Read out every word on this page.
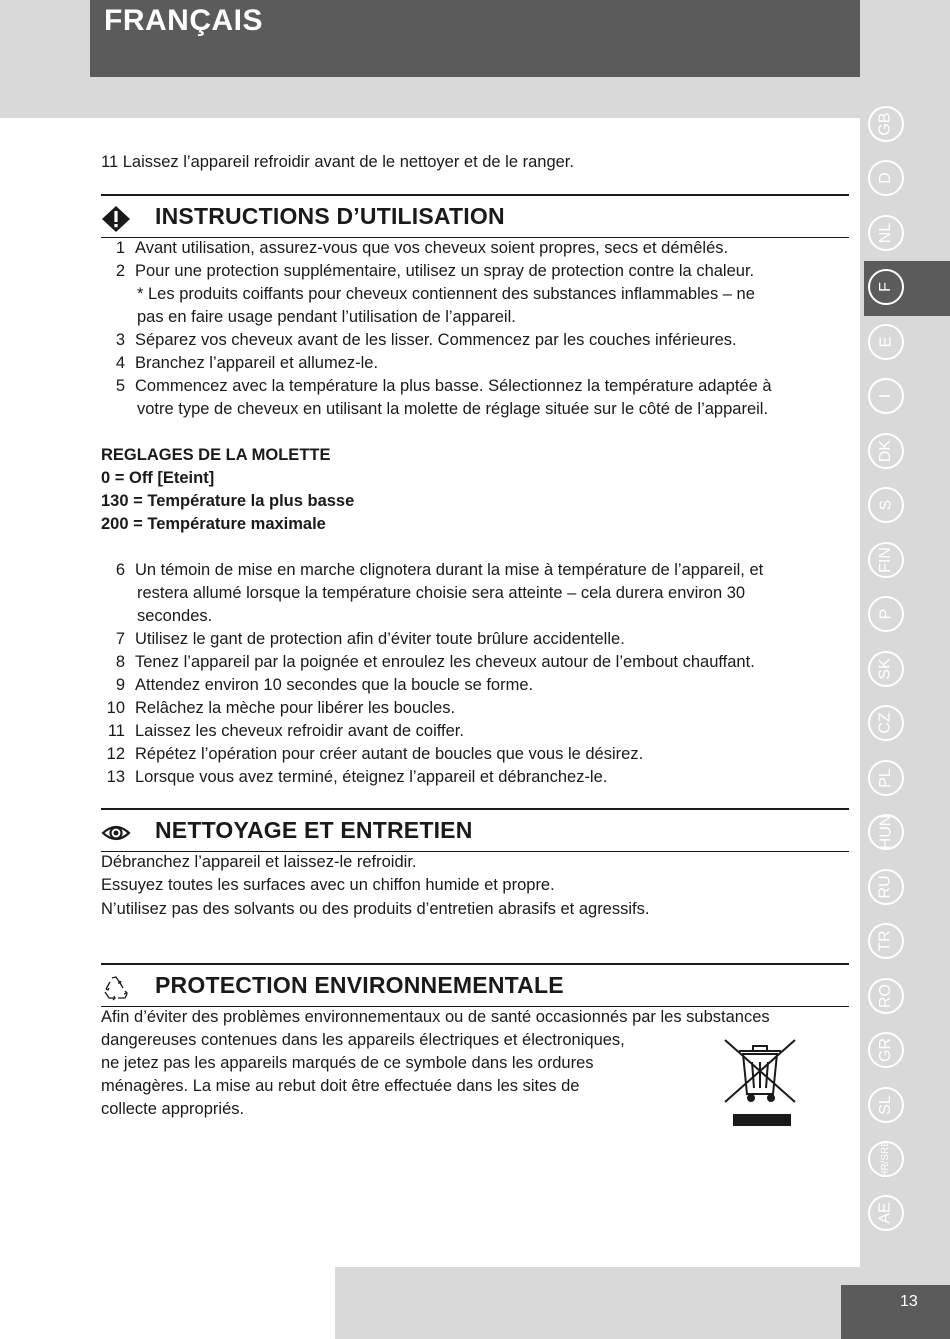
FRANÇAIS
GB
D
NL
F
E
I
DK
S
FIN
P
SK
CZ
PL
HUN
RU
TR
RO
GR
SL
HR/SRB
AE
13
11 Laissez l’appareil refroidir avant de le nettoyer et de le ranger.
INSTRUCTIONS D’UTILISATION
1 Avant utilisation, assurez-vous que vos cheveux soient propres, secs et démêlés.
2 Pour une protection supplémentaire, utilisez un spray de protection contre la chaleur.
* Les produits coiffants pour cheveux contiennent des substances inflammables – ne
pas en faire usage pendant l’utilisation de l’appareil.
3 Séparez vos cheveux avant de les lisser. Commencez par les couches inférieures.
4 Branchez l’appareil et allumez-le.
5 Commencez avec la température la plus basse. Sélectionnez la température adaptée à
votre type de cheveux en utilisant la molette de réglage située sur le côté de l’appareil.
REGLAGES DE LA MOLETTE
0 = Off [Eteint]
130 = Température la plus basse
200 = Température maximale
6 Un témoin de mise en marche clignotera durant la mise à température de l’appareil, et
restera allumé lorsque la température choisie sera atteinte – cela durera environ 30
secondes.
7 Utilisez le gant de protection afin d’éviter toute brûlure accidentelle.
8 Tenez l’appareil par la poignée et enroulez les cheveux autour de l’embout chauffant.
9 Attendez environ 10 secondes que la boucle se forme.
10 Relâchez la mèche pour libérer les boucles.
11 Laissez les cheveux refroidir avant de coiffer.
12 Répétez l’opération pour créer autant de boucles que vous le désirez.
13 Lorsque vous avez terminé, éteignez l’appareil et débranchez-le.
NETTOYAGE ET ENTRETIEN
Débranchez l’appareil et laissez-le refroidir.
Essuyez toutes les surfaces avec un chiffon humide et propre.
N’utilisez pas des solvants ou des produits d’entretien abrasifs et agressifs.
PROTECTION ENVIRONNEMENTALE
Afin d’éviter des problèmes environnementaux ou de santé occasionnés par les substances
dangereuses contenues dans les appareils électriques et électroniques,
ne jetez pas les appareils marqués de ce symbole dans les ordures
ménagères. La mise au rebut doit être effectuée dans les sites de
collecte appropriés.
